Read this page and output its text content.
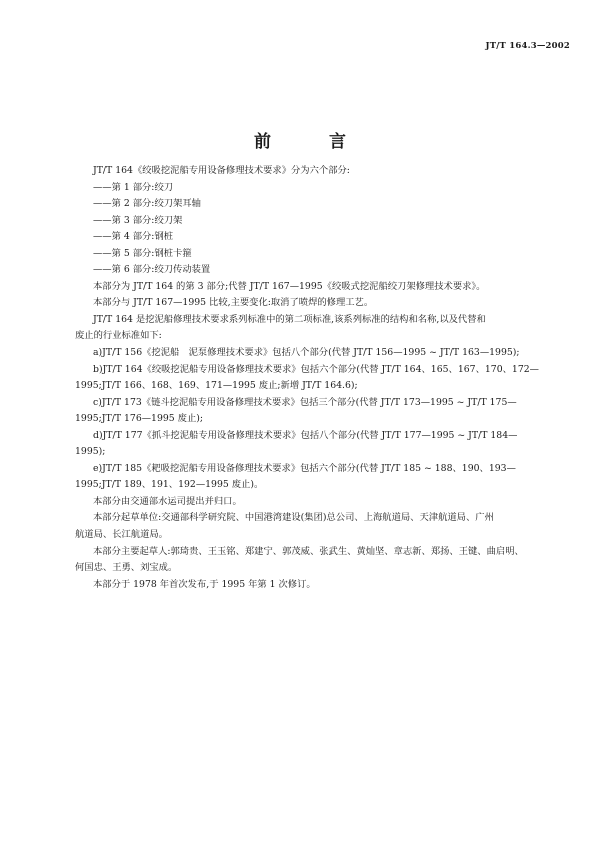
JT/T 164.3—2002
前 言
JT/T 164《绞吸挖泥船专用设备修理技术要求》分为六个部分:
——第 1 部分:绞刀
——第 2 部分:绞刀架耳轴
——第 3 部分:绞刀架
——第 4 部分:钢桩
——第 5 部分:钢桩卡箍
——第 6 部分:绞刀传动装置
本部分为 JT/T 164 的第 3 部分;代替 JT/T 167—1995《绞吸式挖泥船绞刀架修理技术要求》。
本部分与 JT/T 167—1995 比较,主要变化:取消了喷焊的修理工艺。
JT/T 164 是挖泥船修理技术要求系列标准中的第二项标准,该系列标准的结构和名称,以及代替和
废止的行业标准如下:
a)JT/T 156《挖泥船　泥泵修理技术要求》包括八个部分(代替 JT/T 156—1995 ~ JT/T 163—1995);
b)JT/T 164《绞吸挖泥船专用设备修理技术要求》包括六个部分(代替 JT/T 164、165、167、170、172—
1995;JT/T 166、168、169、171—1995 废止;新增 JT/T 164.6);
c)JT/T 173《链斗挖泥船专用设备修理技术要求》包括三个部分(代替 JT/T 173—1995 ~ JT/T 175—
1995;JT/T 176—1995 废止);
d)JT/T 177《抓斗挖泥船专用设备修理技术要求》包括八个部分(代替 JT/T 177—1995 ~ JT/T 184—
1995);
e)JT/T 185《耙吸挖泥船专用设备修理技术要求》包括六个部分(代替 JT/T 185 ~ 188、190、193—
1995;JT/T 189、191、192—1995 废止)。
本部分由交通部水运司提出并归口。
本部分起草单位:交通部科学研究院、中国港湾建设(集团)总公司、上海航道局、天津航道局、广州
航道局、长江航道局。
本部分主要起草人:郭琦贵、王玉铭、郑建宁、郭茂威、张武生、黄灿坚、章志新、郑扬、王键、曲启明、
何国忠、王勇、刘宝成。
本部分于 1978 年首次发布,于 1995 年第 1 次修订。
